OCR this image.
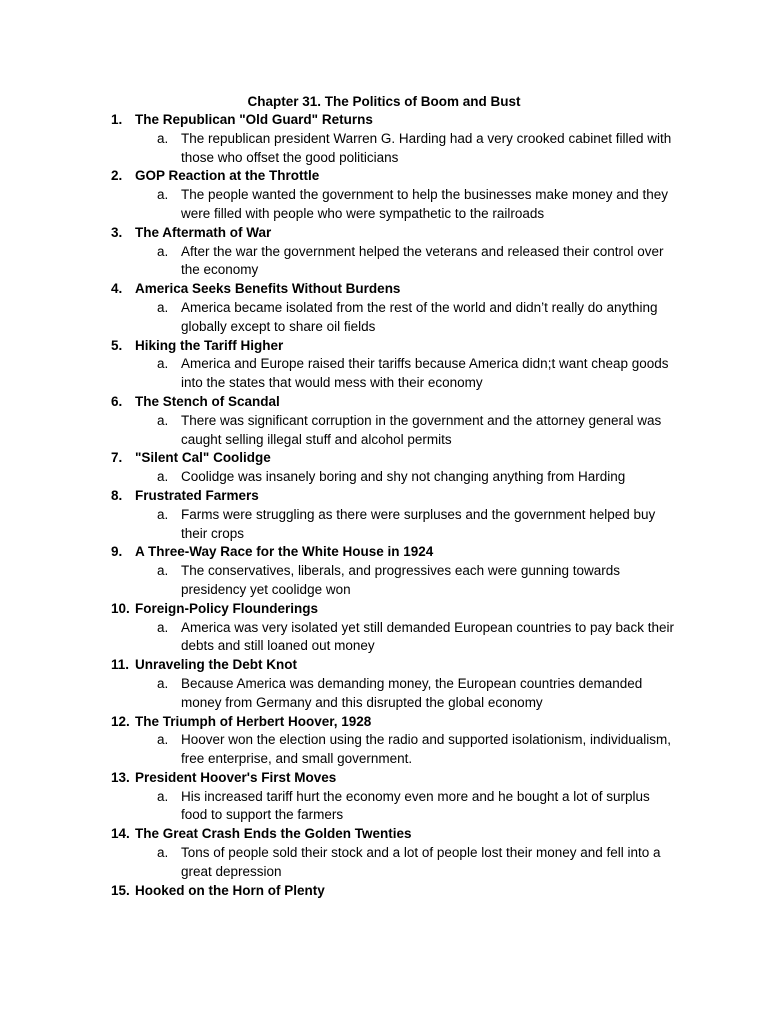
Chapter 31. The Politics of Boom and Bust
1. The Republican "Old Guard" Returns
a. The republican president Warren G. Harding had a very crooked cabinet filled with those who offset the good politicians
2. GOP Reaction at the Throttle
a. The people wanted the government to help the businesses make money and they were filled with people who were sympathetic to the railroads
3. The Aftermath of War
a. After the war the government helped the veterans and released their control over the economy
4. America Seeks Benefits Without Burdens
a. America became isolated from the rest of the world and didn’t really do anything globally except to share oil fields
5. Hiking the Tariff Higher
a. America and Europe raised their tariffs because America didn;t want cheap goods into the states that would mess with their economy
6. The Stench of Scandal
a. There was significant corruption in the government and the attorney general was caught selling illegal stuff and alcohol permits
7. "Silent Cal" Coolidge
a. Coolidge was insanely boring and shy not changing anything from Harding
8. Frustrated Farmers
a. Farms were struggling as there were surpluses and the government helped buy their crops
9. A Three-Way Race for the White House in 1924
a. The conservatives, liberals, and progressives each were gunning towards presidency yet coolidge won
10. Foreign-Policy Flounderings
a. America was very isolated yet still demanded European countries to pay back their debts and still loaned out money
11. Unraveling the Debt Knot
a. Because America was demanding money, the European countries demanded money from Germany and this disrupted the global economy
12. The Triumph of Herbert Hoover, 1928
a. Hoover won the election using the radio and supported isolationism, individualism, free enterprise, and small government.
13. President Hoover's First Moves
a. His increased tariff hurt the economy even more and he bought a lot of surplus food to support the farmers
14. The Great Crash Ends the Golden Twenties
a. Tons of people sold their stock and a lot of people lost their money and fell into a great depression
15. Hooked on the Horn of Plenty
